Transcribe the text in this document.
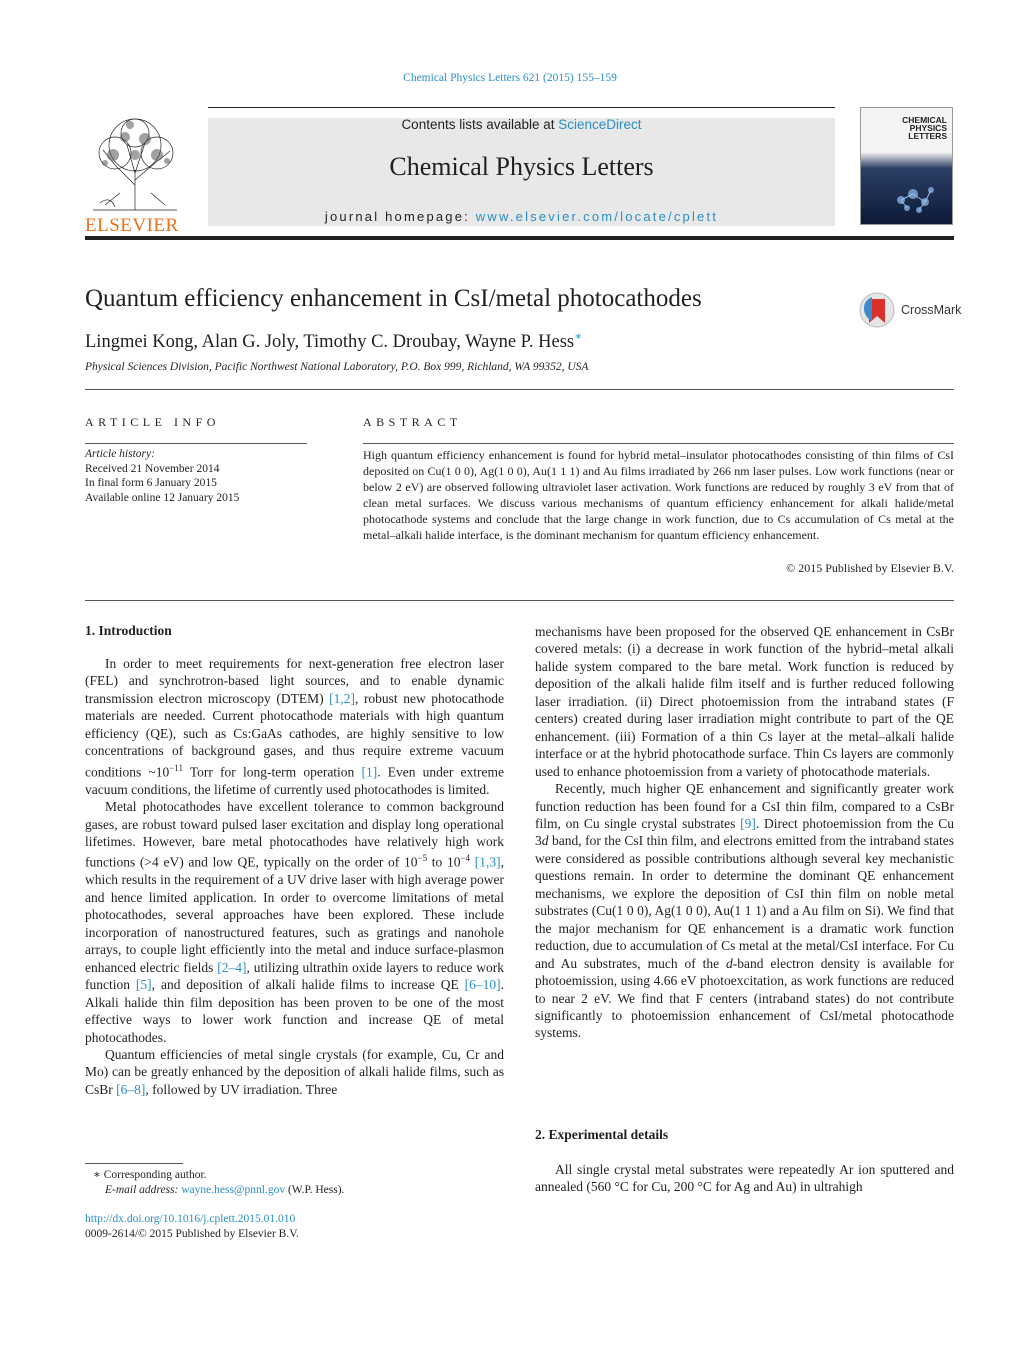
Chemical Physics Letters 621 (2015) 155–159
ELSEVIER
Contents lists available at ScienceDirect
Chemical Physics Letters
journal homepage: www.elsevier.com/locate/cplett
CHEMICAL PHYSICS LETTERS
Quantum efficiency enhancement in CsI/metal photocathodes	CrossMark
Lingmei Kong, Alan G. Joly, Timothy C. Droubay, Wayne P. Hess∗
Physical Sciences Division, Pacific Northwest National Laboratory, P.O. Box 999, Richland, WA 99352, USA
ARTICLE INFO
Article history:
Received 21 November 2014
In final form 6 January 2015
Available online 12 January 2015
ABSTRACT
High quantum efficiency enhancement is found for hybrid metal–insulator photocathodes consisting of thin films of CsI deposited on Cu(1 0 0), Ag(1 0 0), Au(1 1 1) and Au films irradiated by 266 nm laser pulses. Low work functions (near or below 2 eV) are observed following ultraviolet laser activation. Work functions are reduced by roughly 3 eV from that of clean metal surfaces. We discuss various mechanisms of quantum efficiency enhancement for alkali halide/metal photocathode systems and conclude that the large change in work function, due to Cs accumulation of Cs metal at the metal–alkali halide interface, is the dominant mechanism for quantum efficiency enhancement.
© 2015 Published by Elsevier B.V.
1. Introduction

In order to meet requirements for next-generation free electron laser (FEL) and synchrotron-based light sources, and to enable dynamic transmission electron microscopy (DTEM) [1,2], robust new photocathode materials are needed. Current photocathode materials with high quantum efficiency (QE), such as Cs:GaAs cathodes, are highly sensitive to low concentrations of background gases, and thus require extreme vacuum conditions $\sim 10^{-11}$ Torr for long-term operation [1]. Even under extreme vacuum conditions, the lifetime of currently used photocathodes is limited.

Metal photocathodes have excellent tolerance to common background gases, are robust toward pulsed laser excitation and display long operational lifetimes. However, bare metal photocathodes have relatively high work functions (>4 eV) and low QE, typically on the order of $10^{-5}$ to $10^{-4}$ [1,3], which results in the requirement of a UV drive laser with high average power and hence limited application. In order to overcome limitations of metal photocathodes, several approaches have been explored. These include incorporation of nanostructured features, such as gratings and nanohole arrays, to couple light efficiently into the metal and induce surface-plasmon enhanced electric fields [2–4], utilizing ultrathin oxide layers to reduce work function [5], and deposition of alkali halide films to increase QE [6–10]. Alkali halide thin film deposition has been proven to be one of the most effective ways to lower work function and increase QE of metal photocathodes.

Quantum efficiencies of metal single crystals (for example, Cu, Cr and Mo) can be greatly enhanced by the deposition of alkali halide films, such as CsBr [6–8], followed by UV irradiation. Three

mechanisms have been proposed for the observed QE enhancement in CsBr covered metals: (i) a decrease in work function of the hybrid–metal alkali halide system compared to the bare metal. Work function is reduced by deposition of the alkali halide film itself and is further reduced following laser irradiation. (ii) Direct photoemission from the intraband states (F centers) created during laser irradiation might contribute to part of the QE enhancement. (iii) Formation of a thin Cs layer at the metal–alkali halide interface or at the hybrid photocathode surface. Thin Cs layers are commonly used to enhance photoemission from a variety of photocathode materials.

Recently, much higher QE enhancement and significantly greater work function reduction has been found for a CsI thin film, compared to a CsBr film, on Cu single crystal substrates [9]. Direct photoemission from the Cu 3d band, for the CsI thin film, and electrons emitted from the intraband states were considered as possible contributions although several key mechanistic questions remain. In order to determine the dominant QE enhancement mechanisms, we explore the deposition of CsI thin film on noble metal substrates (Cu(1 0 0), Ag(1 0 0), Au(1 1 1) and a Au film on Si). We find that the major mechanism for QE enhancement is a dramatic work function reduction, due to accumulation of Cs metal at the metal/CsI interface. For Cu and Au substrates, much of the d-band electron density is available for photoemission, using 4.66 eV photoexcitation, as work functions are reduced to near 2 eV. We find that F centers (intraband states) do not contribute significantly to photoemission enhancement of CsI/metal photocathode systems.

2. Experimental details

All single crystal metal substrates were repeatedly Ar ion sputtered and annealed (560 °C for Cu, 200 °C for Ag and Au) in ultrahigh

∗ Corresponding author.
E-mail address: wayne.hess@pnnl.gov (W.P. Hess).
http://dx.doi.org/10.1016/j.cplett.2015.01.010
0009-2614/© 2015 Published by Elsevier B.V.
